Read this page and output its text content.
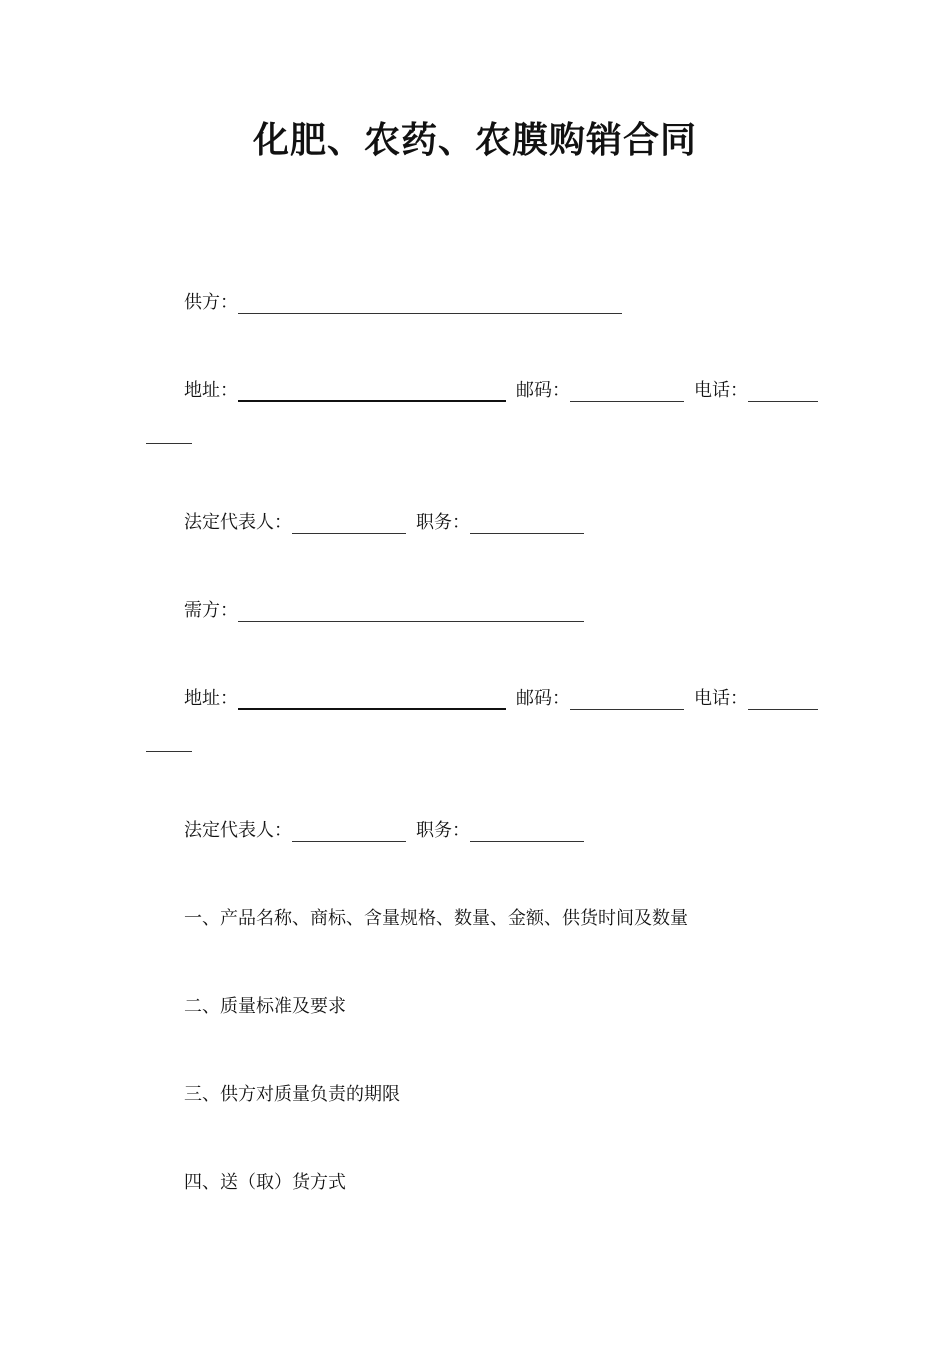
化肥、农药、农膜购销合同
供方：
地址：	邮码：	电话：
法定代表人：	职务：
需方：
地址：	邮码：	电话：
法定代表人：	职务：
一、产品名称、商标、含量规格、数量、金额、供货时间及数量
二、质量标准及要求
三、供方对质量负责的期限
四、送（取）货方式
